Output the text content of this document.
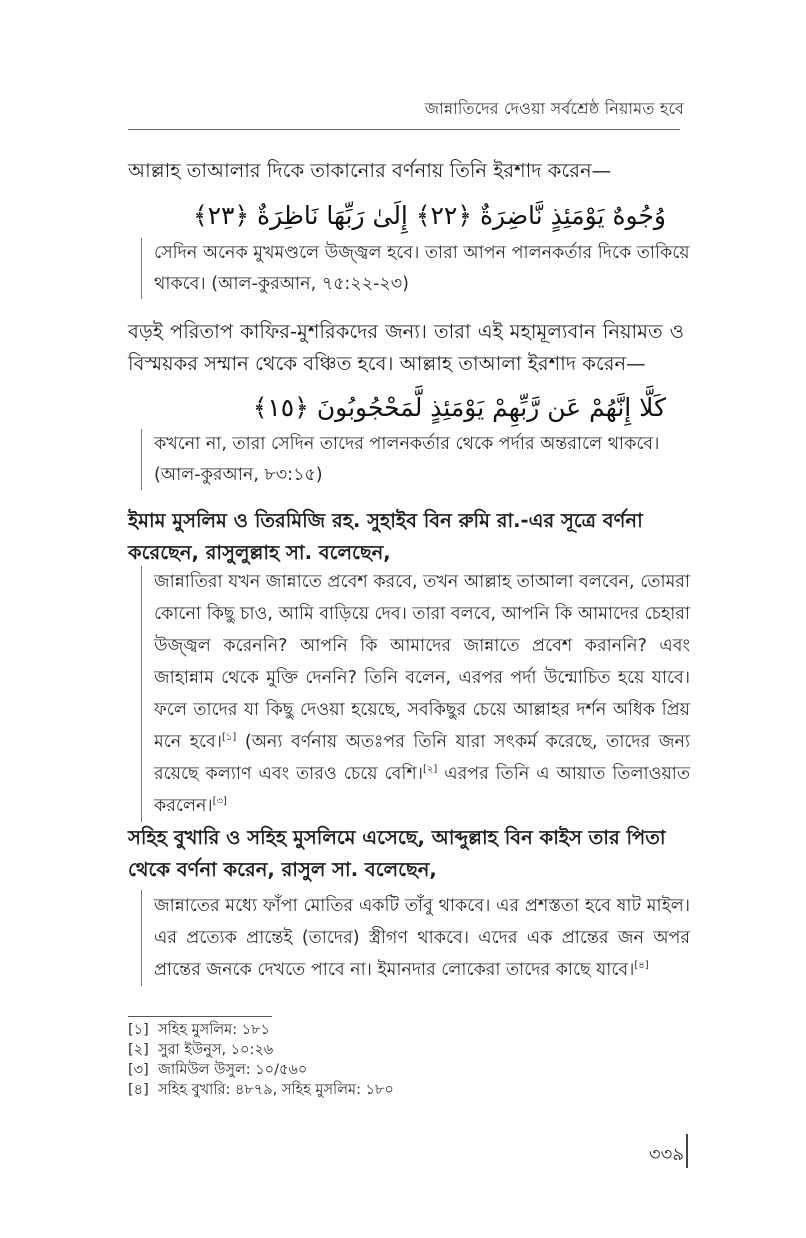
জান্নাতিদের দেওয়া সর্বশ্রেষ্ঠ নিয়ামত হবে
আল্লাহ তাআলার দিকে তাকানোর বর্ণনায় তিনি ইরশাদ করেন—
وُجُوهٌ يَوْمَئِذٍ نَّاضِرَةٌ ﴿٢٢﴾ إِلَىٰ رَبِّهَا نَاظِرَةٌ ﴿٢٣﴾
সেদিন অনেক মুখমণ্ডলে উজ্জ্বল হবে। তারা আপন পালনকর্তার দিকে তাকিয়ে থাকবে। (আল-কুরআন, ৭৫:২২-২৩)
বড়ই পরিতাপ কাফির-মুশরিকদের জন্য। তারা এই মহামূল্যবান নিয়ামত ও বিস্ময়কর সম্মান থেকে বঞ্চিত হবে। আল্লাহ তাআলা ইরশাদ করেন—
كَلَّا إِنَّهُمْ عَن رَّبِّهِمْ يَوْمَئِذٍ لَّمَحْجُوبُونَ ﴿١٥﴾
কখনো না, তারা সেদিন তাদের পালনকর্তার থেকে পর্দার অন্তরালে থাকবে। (আল-কুরআন, ৮৩:১৫)
ইমাম মুসলিম ও তিরমিজি রহ. সুহাইব বিন রুমি রা.-এর সূত্রে বর্ণনা করেছেন, রাসুলুল্লাহ সা. বলেছেন,
জান্নাতিরা যখন জান্নাতে প্রবেশ করবে, তখন আল্লাহ তাআলা বলবেন, তোমরা কোনো কিছু চাও, আমি বাড়িয়ে দেব। তারা বলবে, আপনি কি আমাদের চেহারা উজ্জ্বল করেননি? আপনি কি আমাদের জান্নাতে প্রবেশ করাননি? এবং জাহান্নাম থেকে মুক্তি দেননি? তিনি বলেন, এরপর পর্দা উন্মোচিত হয়ে যাবে। ফলে তাদের যা কিছু দেওয়া হয়েছে, সবকিছুর চেয়ে আল্লাহর দর্শন অধিক প্রিয় মনে হবে।[১] (অন্য বর্ণনায় অতঃপর তিনি যারা সৎকর্ম করেছে, তাদের জন্য রয়েছে কল্যাণ এবং তারও চেয়ে বেশি।[২] এরপর তিনি এ আয়াত তিলাওয়াত করলেন।[৩]
সহিহ বুখারি ও সহিহ মুসলিমে এসেছে, আব্দুল্লাহ বিন কাইস তার পিতা থেকে বর্ণনা করেন, রাসুল সা. বলেছেন,
জান্নাতের মধ্যে ফাঁপা মোতির একটি তাঁবু থাকবে। এর প্রশস্ততা হবে ষাট মাইল। এর প্রত্যেক প্রান্তেই (তাদের) স্ত্রীগণ থাকবে। এদের এক প্রান্তের জন অপর প্রান্তের জনকে দেখতে পাবে না। ইমানদার লোকেরা তাদের কাছে যাবে।[৪]
[১] সহিহ মুসলিম: ১৮১
[২] সুরা ইউনুস, ১০:২৬
[৩] জামিউল উসুল: ১০/৫৬০
[৪] সহিহ বুখারি: ৪৮৭৯, সহিহ মুসলিম: ১৮০
৩৩৯
